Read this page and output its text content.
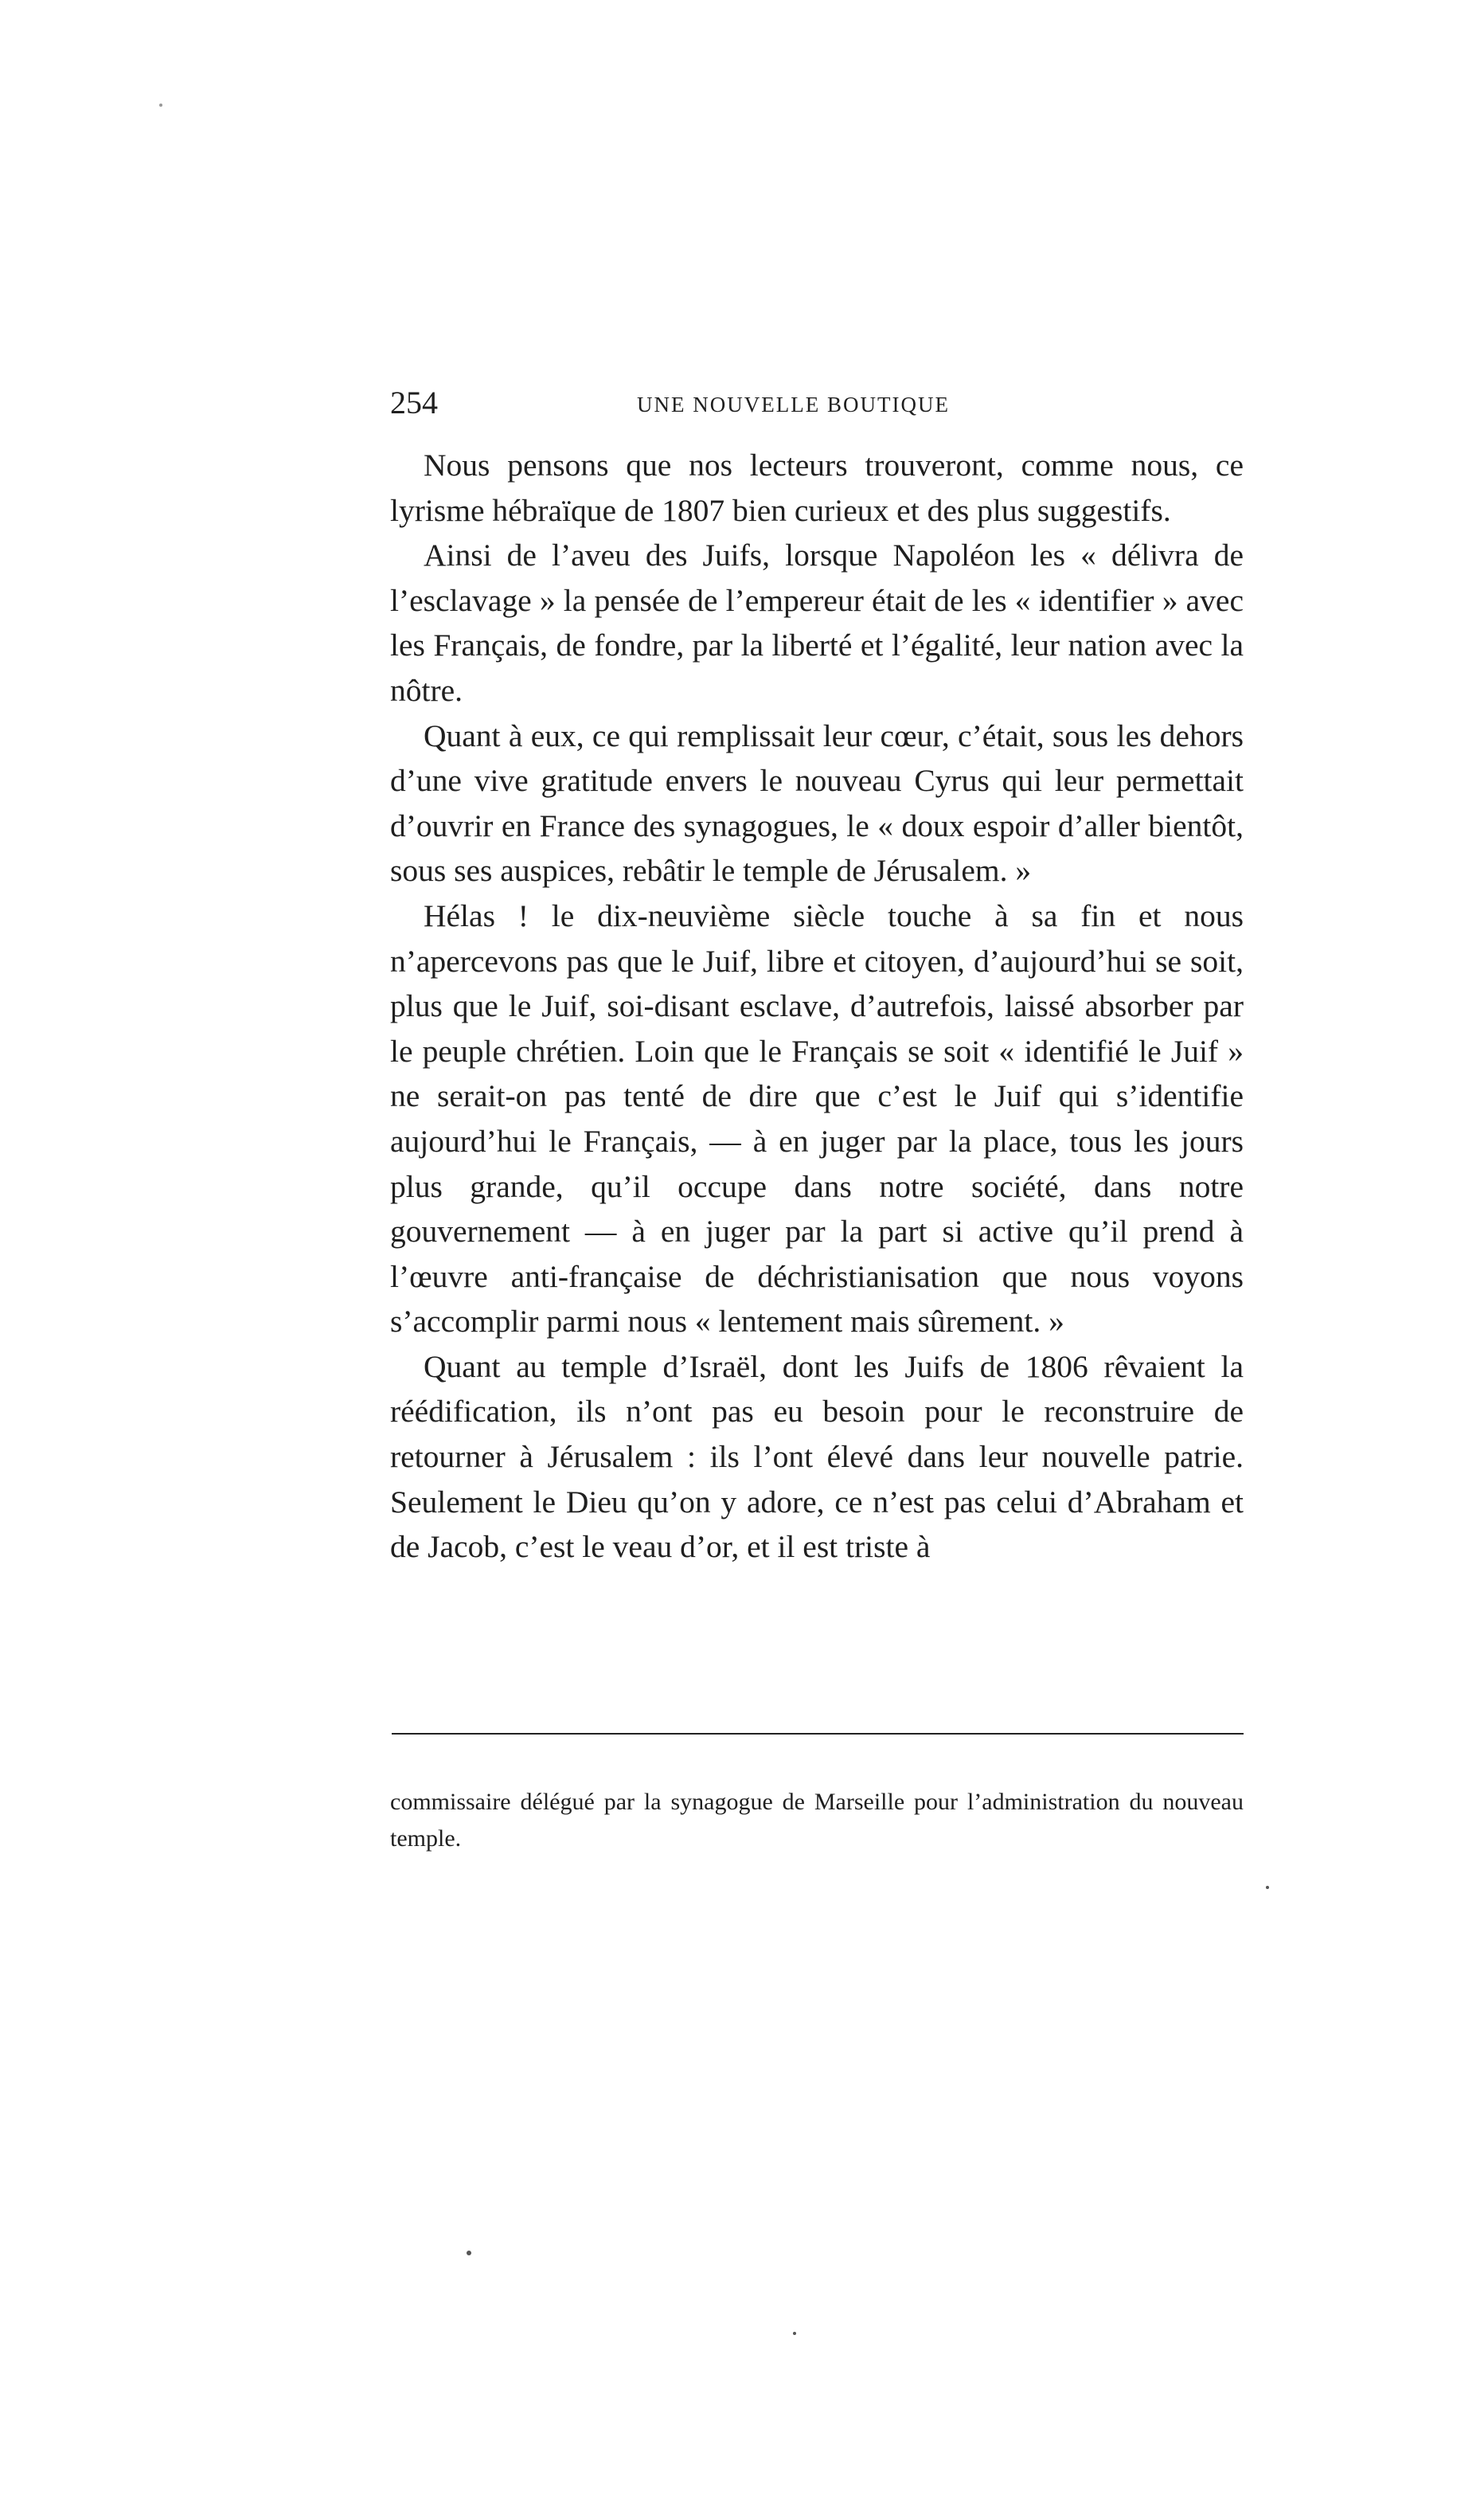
254	UNE NOUVELLE BOUTIQUE

Nous pensons que nos lecteurs trouveront, comme nous, ce lyrisme hébraïque de 1807 bien curieux et des plus suggestifs.

Ainsi de l’aveu des Juifs, lorsque Napoléon les « délivra de l’esclavage » la pensée de l’empereur était de les « identifier » avec les Français, de fondre, par la liberté et l’égalité, leur nation avec la nôtre.

Quant à eux, ce qui remplissait leur cœur, c’était, sous les dehors d’une vive gratitude envers le nouveau Cyrus qui leur permettait d’ouvrir en France des synagogues, le « doux espoir d’aller bientôt, sous ses auspices, rebâtir le temple de Jérusalem. »

Hélas ! le dix-neuvième siècle touche à sa fin et nous n’apercevons pas que le Juif, libre et citoyen, d’aujourd’hui se soit, plus que le Juif, soi-disant esclave, d’autrefois, laissé absorber par le peuple chrétien. Loin que le Français se soit « identifié le Juif » ne serait-on pas tenté de dire que c’est le Juif qui s’identifie aujourd’hui le Français, — à en juger par la place, tous les jours plus grande, qu’il occupe dans notre société, dans notre gouvernement — à en juger par la part si active qu’il prend à l’œuvre anti-française de déchristianisation que nous voyons s’accomplir parmi nous « lentement mais sûrement. »

Quant au temple d’Israël, dont les Juifs de 1806 rêvaient la réédification, ils n’ont pas eu besoin pour le reconstruire de retourner à Jérusalem : ils l’ont élevé dans leur nouvelle patrie. Seulement le Dieu qu’on y adore, ce n’est pas celui d’Abraham et de Jacob, c’est le veau d’or, et il est triste à

commissaire délégué par la synagogue de Marseille pour l’administration du nouveau temple.
